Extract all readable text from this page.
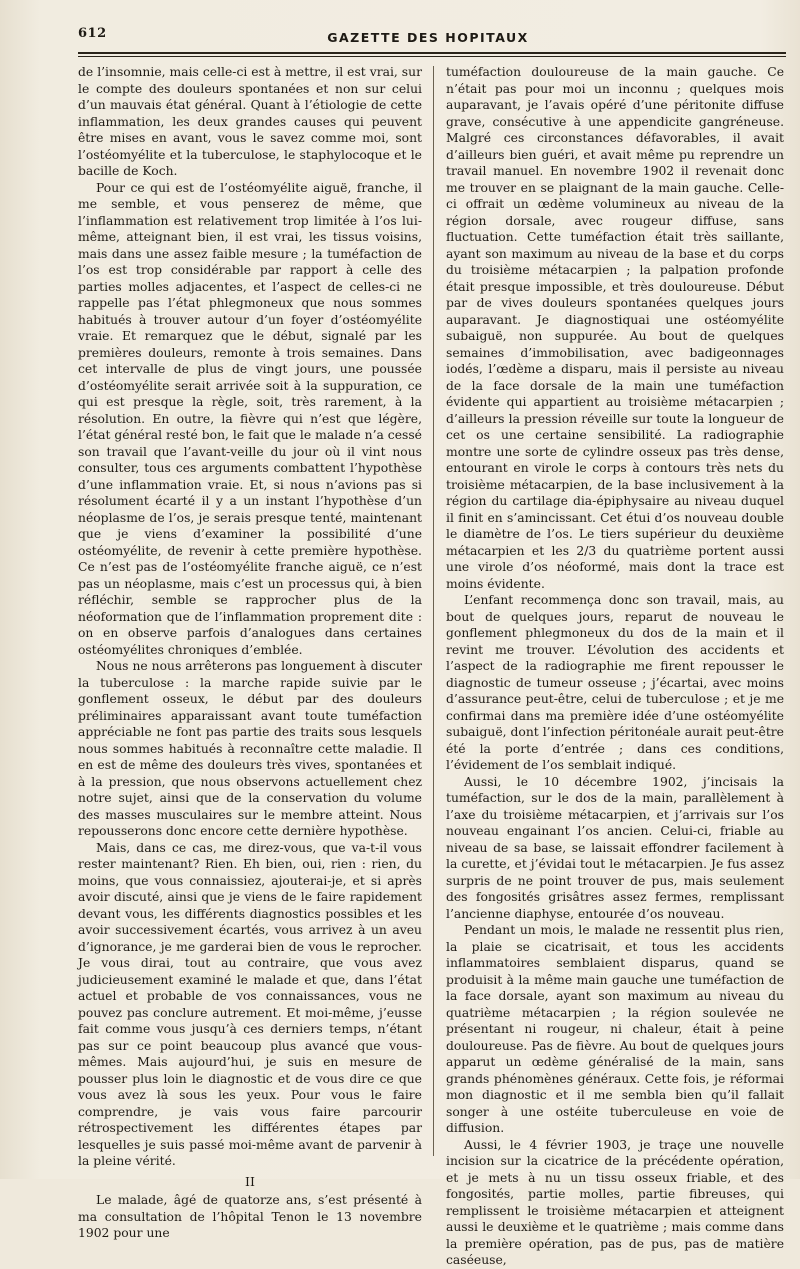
612	GAZETTE DES HOPITAUX

de l’insomnie, mais celle-ci est à mettre, il est vrai, sur le compte des douleurs spontanées et non sur celui d’un mauvais état général. Quant à l’étiologie de cette inflammation, les deux grandes causes qui peuvent être mises en avant, vous le savez comme moi, sont l’ostéomyélite et la tuberculose, le staphylocoque et le bacille de Koch.

Pour ce qui est de l’ostéomyélite aiguë, franche, il me semble, et vous penserez de même, que l’inflammation est relativement trop limitée à l’os lui-même, atteignant bien, il est vrai, les tissus voisins, mais dans une assez faible mesure ; la tuméfaction de l’os est trop considérable par rapport à celle des parties molles adjacentes, et l’aspect de celles-ci ne rappelle pas l’état phlegmoneux que nous sommes habitués à trouver autour d’un foyer d’ostéomyélite vraie. Et remarquez que le début, signalé par les premières douleurs, remonte à trois semaines. Dans cet intervalle de plus de vingt jours, une poussée d’ostéomyélite serait arrivée soit à la suppuration, ce qui est presque la règle, soit, très rarement, à la résolution. En outre, la fièvre qui n’est que légère, l’état général resté bon, le fait que le malade n’a cessé son travail que l’avant-veille du jour où il vint nous consulter, tous ces arguments combattent l’hypothèse d’une inflammation vraie. Et, si nous n’avions pas si résolument écarté il y a un instant l’hypothèse d’un néoplasme de l’os, je serais presque tenté, maintenant que je viens d’examiner la possibilité d’une ostéomyélite, de revenir à cette première hypothèse. Ce n’est pas de l’ostéomyélite franche aiguë, ce n’est pas un néoplasme, mais c’est un processus qui, à bien réfléchir, semble se rapprocher plus de la néoformation que de l’inflammation proprement dite : on en observe parfois d’analogues dans certaines ostéomyélites chroniques d’emblée.

Nous ne nous arrêterons pas longuement à discuter la tuberculose : la marche rapide suivie par le gonflement osseux, le début par des douleurs préliminaires apparaissant avant toute tuméfaction appréciable ne font pas partie des traits sous lesquels nous sommes habitués à reconnaître cette maladie. Il en est de même des douleurs très vives, spontanées et à la pression, que nous observons actuellement chez notre sujet, ainsi que de la conservation du volume des masses musculaires sur le membre atteint. Nous repousserons donc encore cette dernière hypothèse.

Mais, dans ce cas, me direz-vous, que va-t-il vous rester maintenant? Rien. Eh bien, oui, rien : rien, du moins, que vous connaissiez, ajouterai-je, et si après avoir discuté, ainsi que je viens de le faire rapidement devant vous, les différents diagnostics possibles et les avoir successivement écartés, vous arrivez à un aveu d’ignorance, je me garderai bien de vous le reprocher. Je vous dirai, tout au contraire, que vous avez judicieusement examiné le malade et que, dans l’état actuel et probable de vos connaissances, vous ne pouvez pas conclure autrement. Et moi-même, j’eusse fait comme vous jusqu’à ces derniers temps, n’étant pas sur ce point beaucoup plus avancé que vous-mêmes. Mais aujourd’hui, je suis en mesure de pousser plus loin le diagnostic et de vous dire ce que vous avez là sous les yeux. Pour vous le faire comprendre, je vais vous faire parcourir rétrospectivement les différentes étapes par lesquelles je suis passé moi-même avant de parvenir à la pleine vérité.

II

Le malade, âgé de quatorze ans, s’est présenté à ma consultation de l’hôpital Tenon le 13 novembre 1902 pour une

tuméfaction douloureuse de la main gauche. Ce n’était pas pour moi un inconnu ; quelques mois auparavant, je l’avais opéré d’une péritonite diffuse grave, consécutive à une appendicite gangréneuse. Malgré ces circonstances défavorables, il avait d’ailleurs bien guéri, et avait même pu reprendre un travail manuel. En novembre 1902 il revenait donc me trouver en se plaignant de la main gauche. Celle-ci offrait un œdème volumineux au niveau de la région dorsale, avec rougeur diffuse, sans fluctuation. Cette tuméfaction était très saillante, ayant son maximum au niveau de la base et du corps du troisième métacarpien ; la palpation profonde était presque impossible, et très douloureuse. Début par de vives douleurs spontanées quelques jours auparavant. Je diagnostiquai une ostéomyélite subaiguë, non suppurée. Au bout de quelques semaines d’immobilisation, avec badigeonnages iodés, l’œdème a disparu, mais il persiste au niveau de la face dorsale de la main une tuméfaction évidente qui appartient au troisième métacarpien ; d’ailleurs la pression réveille sur toute la longueur de cet os une certaine sensibilité. La radiographie montre une sorte de cylindre osseux pas très dense, entourant en virole le corps à contours très nets du troisième métacarpien, de la base inclusivement à la région du cartilage dia-épiphysaire au niveau duquel il finit en s’amincissant. Cet étui d’os nouveau double le diamètre de l’os. Le tiers supérieur du deuxième métacarpien et les 2/3 du quatrième portent aussi une virole d’os néoformé, mais dont la trace est moins évidente.

L’enfant recommença donc son travail, mais, au bout de quelques jours, reparut de nouveau le gonflement phlegmoneux du dos de la main et il revint me trouver. L’évolution des accidents et l’aspect de la radiographie me firent repousser le diagnostic de tumeur osseuse ; j’écartai, avec moins d’assurance peut-être, celui de tuberculose ; et je me confirmai dans ma première idée d’une ostéomyélite subaiguë, dont l’infection péritonéale aurait peut-être été la porte d’entrée ; dans ces conditions, l’évidement de l’os semblait indiqué.

Aussi, le 10 décembre 1902, j’incisais la tuméfaction, sur le dos de la main, parallèlement à l’axe du troisième métacarpien, et j’arrivais sur l’os nouveau engainant l’os ancien. Celui-ci, friable au niveau de sa base, se laissait effondrer facilement à la curette, et j’évidai tout le métacarpien. Je fus assez surpris de ne point trouver de pus, mais seulement des fongosités grisâtres assez fermes, remplissant l’ancienne diaphyse, entourée d’os nouveau.

Pendant un mois, le malade ne ressentit plus rien, la plaie se cicatrisait, et tous les accidents inflammatoires semblaient disparus, quand se produisit à la même main gauche une tuméfaction de la face dorsale, ayant son maximum au niveau du quatrième métacarpien ; la région soulevée ne présentant ni rougeur, ni chaleur, était à peine douloureuse. Pas de fièvre. Au bout de quelques jours apparut un œdème généralisé de la main, sans grands phénomènes généraux. Cette fois, je réformai mon diagnostic et il me sembla bien qu’il fallait songer à une ostéite tuberculeuse en voie de diffusion.

Aussi, le 4 février 1903, je traçe une nouvelle incision sur la cicatrice de la précédente opération, et je mets à nu un tissu osseux friable, et des fongosités, partie molles, partie fibreuses, qui remplissent le troisième métacarpien et atteignent aussi le deuxième et le quatrième ; mais comme dans la première opération, pas de pus, pas de matière caséeuse,
